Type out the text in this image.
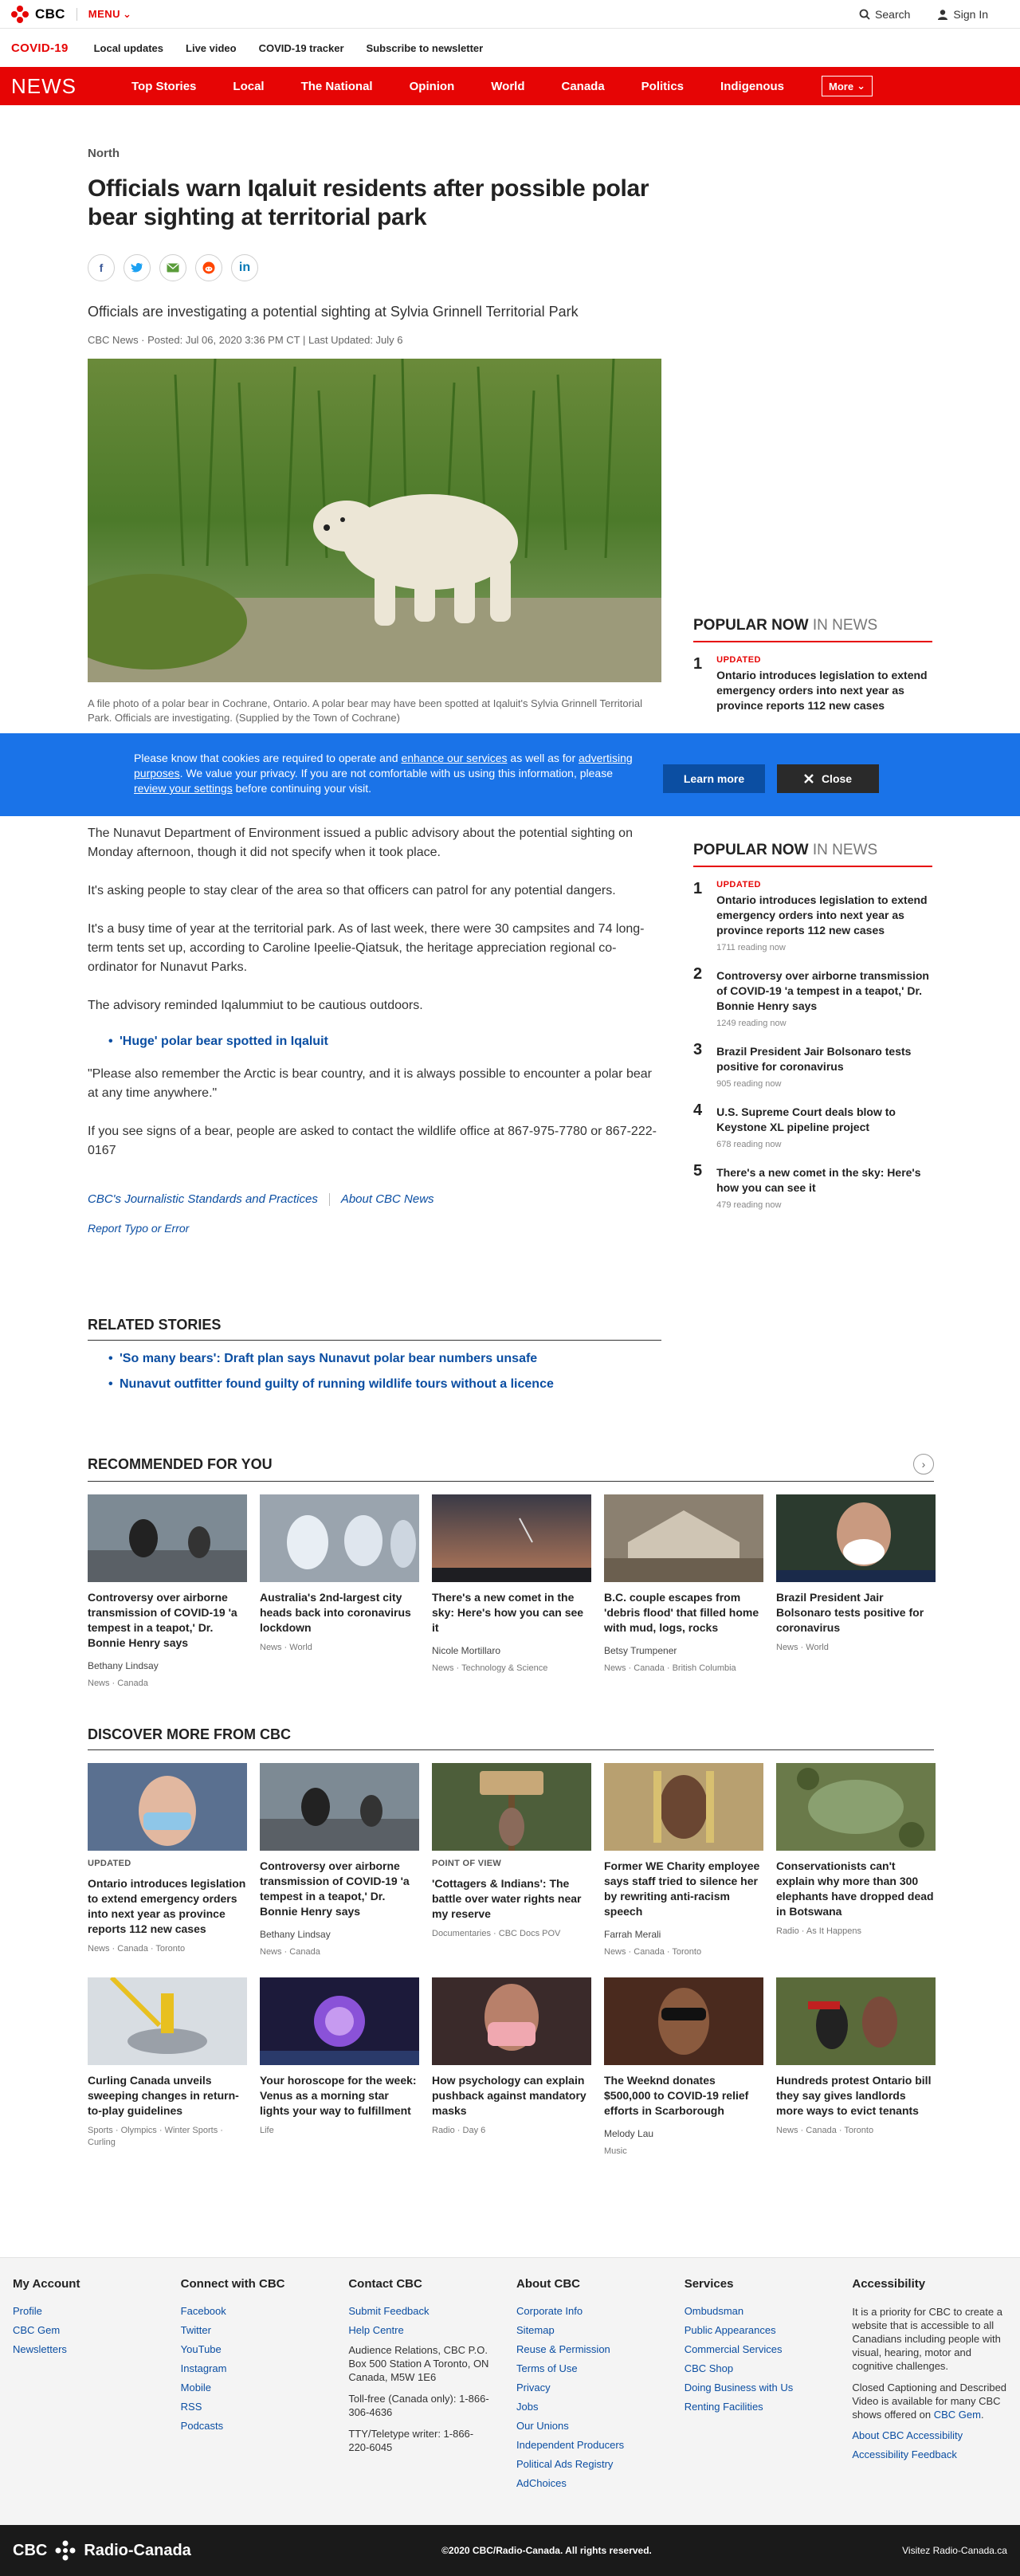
CBC MENU ⌄	Search	Sign In
COVID-19 Local updates Live video COVID-19 tracker Subscribe to newsletter
NEWS	Top Stories	Local	The National	Opinion	World	Canada	Politics	Indigenous	More ⌄
North
Officials warn Iqaluit residents after possible polar bear sighting at territorial park
f	in
Officials are investigating a potential sighting at Sylvia Grinnell Territorial Park
CBC News · Posted: Jul 06, 2020 3:36 PM CT | Last Updated: July 6
A file photo of a polar bear in Cochrane, Ontario. A polar bear may have been spotted at Iqaluit's Sylvia Grinnell Territorial Park. Officials are investigating. (Supplied by the Town of Cochrane)

The Nunavut Department of Environment issued a public advisory about the potential sighting on Monday afternoon, though it did not specify when it took place.

It's asking people to stay clear of the area so that officers can patrol for any potential dangers.

It's a busy time of year at the territorial park. As of last week, there were 30 campsites and 74 long-term tents set up, according to Caroline Ipeelie-Qiatsuk, the heritage appreciation regional co-ordinator for Nunavut Parks.

The advisory reminded Iqalummiut to be cautious outdoors.

• 'Huge' polar bear spotted in Iqaluit

"Please also remember the Arctic is bear country, and it is always possible to encounter a polar bear at any time anywhere."

If you see signs of a bear, people are asked to contact the wildlife office at 867-975-7780 or 867-222-0167

CBC's Journalistic Standards and Practices About CBC News
Report Typo or Error
POPULAR NOW IN NEWS
1 UPDATED
Ontario introduces legislation to extend emergency orders into next year as province reports 112 new cases
POPULAR NOW IN NEWS
1 UPDATED
Ontario introduces legislation to extend emergency orders into next year as province reports 112 new cases
1711 reading now
2 Controversy over airborne transmission of COVID-19 'a tempest in a teapot,' Dr. Bonnie Henry says
1249 reading now
3 Brazil President Jair Bolsonaro tests positive for coronavirus
905 reading now
4 U.S. Supreme Court deals blow to Keystone XL pipeline project
678 reading now
5 There's a new comet in the sky: Here's how you can see it
479 reading now
Please know that cookies are required to operate and enhance our services as well as for advertising purposes. We value your privacy. If you are not comfortable with us using this information, please review your settings before continuing your visit.
Learn more	Close
RELATED STORIES
• 'So many bears': Draft plan says Nunavut polar bear numbers unsafe
• Nunavut outfitter found guilty of running wildlife tours without a licence
RECOMMENDED FOR YOU	›
Controversy over airborne transmission of COVID-19 'a tempest in a teapot,' Dr. Bonnie Henry says
Bethany Lindsay
News · Canada
Australia's 2nd-largest city heads back into coronavirus lockdown
News · World
There's a new comet in the sky: Here's how you can see it
Nicole Mortillaro
News · Technology & Science
B.C. couple escapes from 'debris flood' that filled home with mud, logs, rocks
Betsy Trumpener
News · Canada · British Columbia
Brazil President Jair Bolsonaro tests positive for coronavirus
News · World
DISCOVER MORE FROM CBC
UPDATED
Ontario introduces legislation to extend emergency orders into next year as province reports 112 new cases
News · Canada · Toronto
Controversy over airborne transmission of COVID-19 'a tempest in a teapot,' Dr. Bonnie Henry says
Bethany Lindsay
News · Canada
POINT OF VIEW
'Cottagers & Indians': The battle over water rights near my reserve
Documentaries · CBC Docs POV
Former WE Charity employee says staff tried to silence her by rewriting anti-racism speech
Farrah Merali
News · Canada · Toronto
Conservationists can't explain why more than 300 elephants have dropped dead in Botswana
Radio · As It Happens
Curling Canada unveils sweeping changes in return-to-play guidelines
Sports · Olympics · Winter Sports · Curling
Your horoscope for the week: Venus as a morning star lights your way to fulfillment
Life
How psychology can explain pushback against mandatory masks
Radio · Day 6
The Weeknd donates $500,000 to COVID-19 relief efforts in Scarborough
Melody Lau
Music
Hundreds protest Ontario bill they say gives landlords more ways to evict tenants
News · Canada · Toronto
My Account
Profile
CBC Gem
Newsletters
Connect with CBC
Facebook
Twitter
YouTube
Instagram
Mobile
RSS
Podcasts
Contact CBC
Submit Feedback
Help Centre
Audience Relations, CBC P.O. Box 500 Station A Toronto, ON Canada, M5W 1E6
Toll-free (Canada only): 1-866-306-4636
TTY/Teletype writer: 1-866-220-6045
About CBC
Corporate Info
Sitemap
Reuse & Permission
Terms of Use
Privacy
Jobs
Our Unions
Independent Producers
Political Ads Registry
AdChoices
Services
Ombudsman
Public Appearances
Commercial Services
CBC Shop
Doing Business with Us
Renting Facilities
Accessibility
It is a priority for CBC to create a website that is accessible to all Canadians including people with visual, hearing, motor and cognitive challenges.
Closed Captioning and Described Video is available for many CBC shows offered on CBC Gem.
About CBC Accessibility
Accessibility Feedback
CBC Radio-Canada	©2020 CBC/Radio-Canada. All rights reserved.	Visitez Radio-Canada.ca
